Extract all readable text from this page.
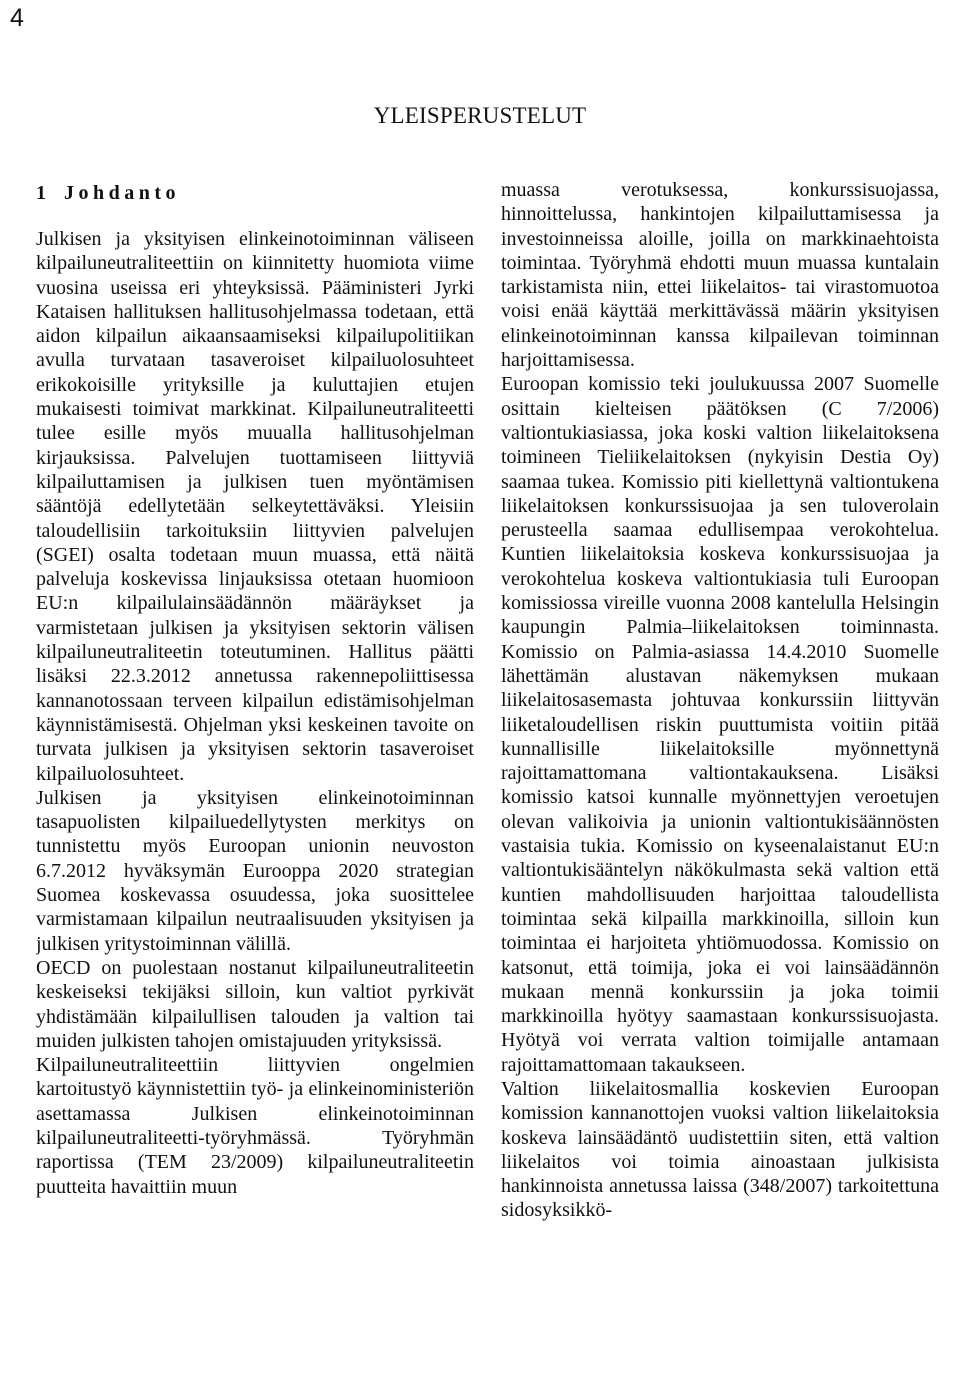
4
YLEISPERUSTELUT
1 Johdanto

Julkisen ja yksityisen elinkeinotoiminnan väliseen kilpailuneutraliteettiin on kiinnitetty huomiota viime vuosina useissa eri yhteyksissä. Pääministeri Jyrki Kataisen hallituksen hallitusohjelmassa todetaan, että aidon kilpailun aikaansaamiseksi kilpailupolitiikan avulla turvataan tasaveroiset kilpailuolosuhteet erikokoisille yrityksille ja kuluttajien etujen mukaisesti toimivat markkinat. Kilpailuneutraliteetti tulee esille myös muualla hallitusohjelman kirjauksissa. Palvelujen tuottamiseen liittyviä kilpailuttamisen ja julkisen tuen myöntämisen sääntöjä edellytetään selkeytettäväksi. Yleisiin taloudellisiin tarkoituksiin liittyvien palvelujen (SGEI) osalta todetaan muun muassa, että näitä palveluja koskevissa linjauksissa otetaan huomioon EU:n kilpailulainsäädännön määräykset ja varmistetaan julkisen ja yksityisen sektorin välisen kilpailuneutraliteetin toteutuminen. Hallitus päätti lisäksi 22.3.2012 annetussa rakennepoliittisessa kannanotossaan terveen kilpailun edistämisohjelman käynnistämisestä. Ohjelman yksi keskeinen tavoite on turvata julkisen ja yksityisen sektorin tasaveroiset kilpailuolosuhteet.

Julkisen ja yksityisen elinkeinotoiminnan tasapuolisten kilpailuedellytysten merkitys on tunnistettu myös Euroopan unionin neuvoston 6.7.2012 hyväksymän Eurooppa 2020 strategian Suomea koskevassa osuudessa, joka suosittelee varmistamaan kilpailun neutraalisuuden yksityisen ja julkisen yritystoiminnan välillä.

OECD on puolestaan nostanut kilpailuneutraliteetin keskeiseksi tekijäksi silloin, kun valtiot pyrkivät yhdistämään kilpailullisen talouden ja valtion tai muiden julkisten tahojen omistajuuden yrityksissä.

Kilpailuneutraliteettiin liittyvien ongelmien kartoitustyö käynnistettiin työ- ja elinkeinoministeriön asettamassa Julkisen elinkeinotoiminnan kilpailuneutraliteetti-työryhmässä. Työryhmän raportissa (TEM 23/2009) kilpailuneutraliteetin puutteita havaittiin muun

muassa verotuksessa, konkurssisuojassa, hinnoittelussa, hankintojen kilpailuttamisessa ja investoinneissa aloille, joilla on markkinaehtoista toimintaa. Työryhmä ehdotti muun muassa kuntalain tarkistamista niin, ettei liikelaitos- tai virastomuotoa voisi enää käyttää merkittävässä määrin yksityisen elinkeinotoiminnan kanssa kilpailevan toiminnan harjoittamisessa.

Euroopan komissio teki joulukuussa 2007 Suomelle osittain kielteisen päätöksen (C 7/2006) valtiontukiasiassa, joka koski valtion liikelaitoksena toimineen Tieliikelaitoksen (nykyisin Destia Oy) saamaa tukea. Komissio piti kiellettynä valtiontukena liikelaitoksen konkurssisuojaa ja sen tuloverolain perusteella saamaa edullisempaa verokohtelua. Kuntien liikelaitoksia koskeva konkurssisuojaa ja verokohtelua koskeva valtiontukiasia tuli Euroopan komissiossa vireille vuonna 2008 kantelulla Helsingin kaupungin Palmia–liikelaitoksen toiminnasta. Komissio on Palmia-asiassa 14.4.2010 Suomelle lähettämän alustavan näkemyksen mukaan liikelaitosasemasta johtuvaa konkurssiin liittyvän liiketaloudellisen riskin puuttumista voitiin pitää kunnallisille liikelaitoksille myönnettynä rajoittamattomana valtiontakauksena. Lisäksi komissio katsoi kunnalle myönnettyjen veroetujen olevan valikoivia ja unionin valtiontukisäännösten vastaisia tukia. Komissio on kyseenalaistanut EU:n valtiontukisääntelyn näkökulmasta sekä valtion että kuntien mahdollisuuden harjoittaa taloudellista toimintaa sekä kilpailla markkinoilla, silloin kun toimintaa ei harjoiteta yhtiömuodossa. Komissio on katsonut, että toimija, joka ei voi lainsäädännön mukaan mennä konkurssiin ja joka toimii markkinoilla hyötyy saamastaan konkurssisuojasta. Hyötyä voi verrata valtion toimijalle antamaan rajoittamattomaan takaukseen.

Valtion liikelaitosmallia koskevien Euroopan komission kannanottojen vuoksi valtion liikelaitoksia koskeva lainsäädäntö uudistettiin siten, että valtion liikelaitos voi toimia ainoastaan julkisista hankinnoista annetussa laissa (348/2007) tarkoitettuna sidosyksikkö-
